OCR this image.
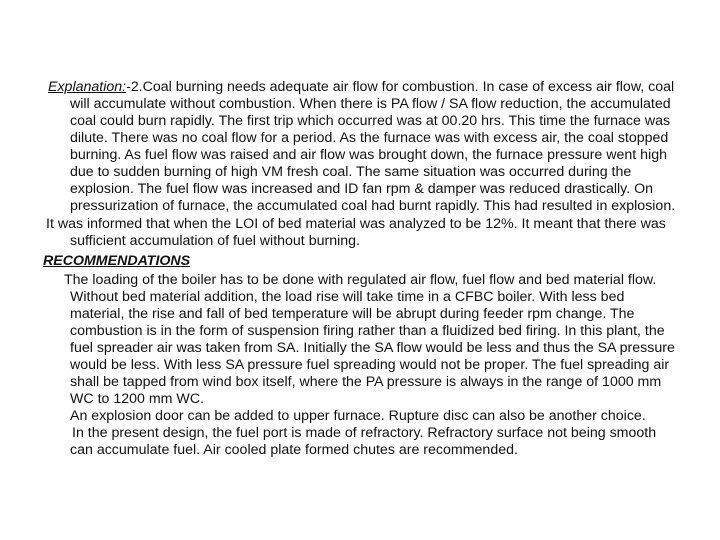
Explanation:-2.Coal burning needs adequate air flow for combustion. In case of excess air flow, coal will accumulate without combustion. When there is PA flow / SA flow reduction, the accumulated coal could burn rapidly. The first trip which occurred was at 00.20 hrs. This time the furnace was dilute. There was no coal flow for a period. As the furnace was with excess air, the coal stopped burning. As fuel flow was raised and air flow was brought down, the furnace pressure went high due to sudden burning of high VM fresh coal. The same situation was occurred during the explosion. The fuel flow was increased and ID fan rpm & damper was reduced drastically. On pressurization of furnace, the accumulated coal had burnt rapidly. This had resulted in explosion.

It was informed that when the LOI of bed material was analyzed to be 12%. It meant that there was sufficient accumulation of fuel without burning.

RECOMMENDATIONS

The loading of the boiler has to be done with regulated air flow, fuel flow and bed material flow. Without bed material addition, the load rise will take time in a CFBC boiler. With less bed material, the rise and fall of bed temperature will be abrupt during feeder rpm change. The combustion is in the form of suspension firing rather than a fluidized bed firing. In this plant, the fuel spreader air was taken from SA. Initially the SA flow would be less and thus the SA pressure would be less. With less SA pressure fuel spreading would not be proper. The fuel spreading air shall be tapped from wind box itself, where the PA pressure is always in the range of 1000 mm WC to 1200 mm WC.

An explosion door can be added to upper furnace. Rupture disc can also be another choice.

In the present design, the fuel port is made of refractory. Refractory surface not being smooth can accumulate fuel. Air cooled plate formed chutes are recommended.
